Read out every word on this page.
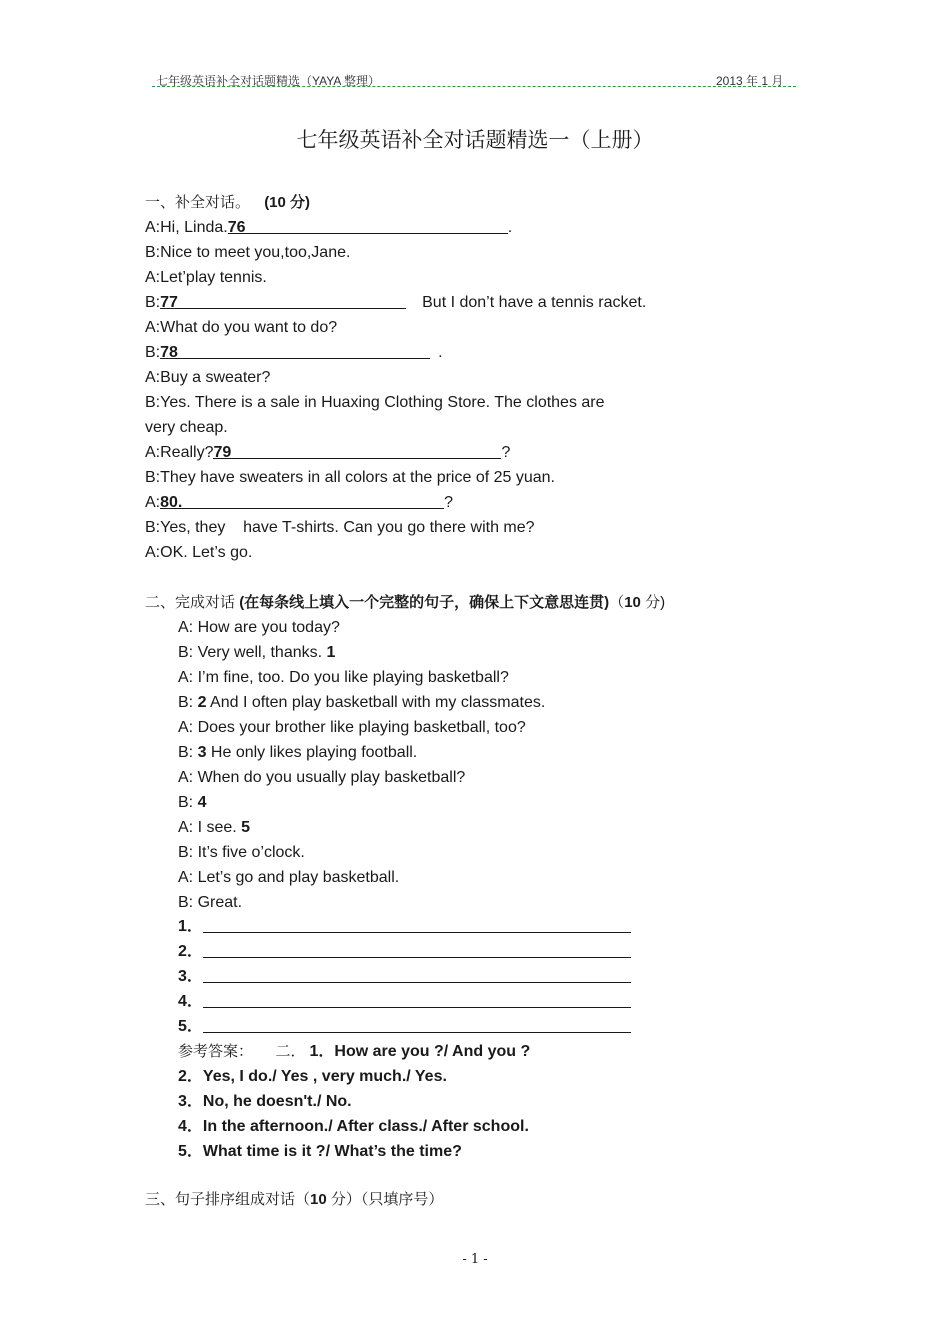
七年级英语补全对话题精选（YAYA 整理）	2013 年 1 月
七年级英语补全对话题精选一（上册）
一、补全对话。 (10 分)
A:Hi, Linda.76	.
B:Nice to meet you,too,Jane.
A:Let’play tennis.
B:77	But I don’t have a tennis racket.
A:What do you want to do?
B:78	.
A:Buy a sweater?
B:Yes. There is a sale in Huaxing Clothing Store. The clothes are
very cheap.
A:Really?79	?
B:They have sweaters in all colors at the price of 25 yuan.
A:80.	?
B:Yes, they    have T-shirts. Can you go there with me?
A:OK. Let’s go.
二、完成对话 (在每条线上填入一个完整的句子，确保上下文意思连贯)（10 分)
A: How are you today?
B: Very well, thanks. 1
A: I’m fine, too. Do you like playing basketball?
B: 2 And I often play basketball with my classmates.
A: Does your brother like playing basketball, too?
B: 3 He only likes playing football.
A: When do you usually play basketball?
B: 4
A: I see. 5
B: It’s five o’clock.
A: Let’s go and play basketball.
B: Great.
1．
2．
3．
4．
5．
参考答案： 二． 1．How are you ?/ And you ?
2．Yes, I do./ Yes , very much./ Yes.
3．No, he doesn't./ No.
4．In the afternoon./ After class./ After school.
5．What time is it ?/ What’s the time?
三、句子排序组成对话（10 分）（只填序号）
- 1 -
